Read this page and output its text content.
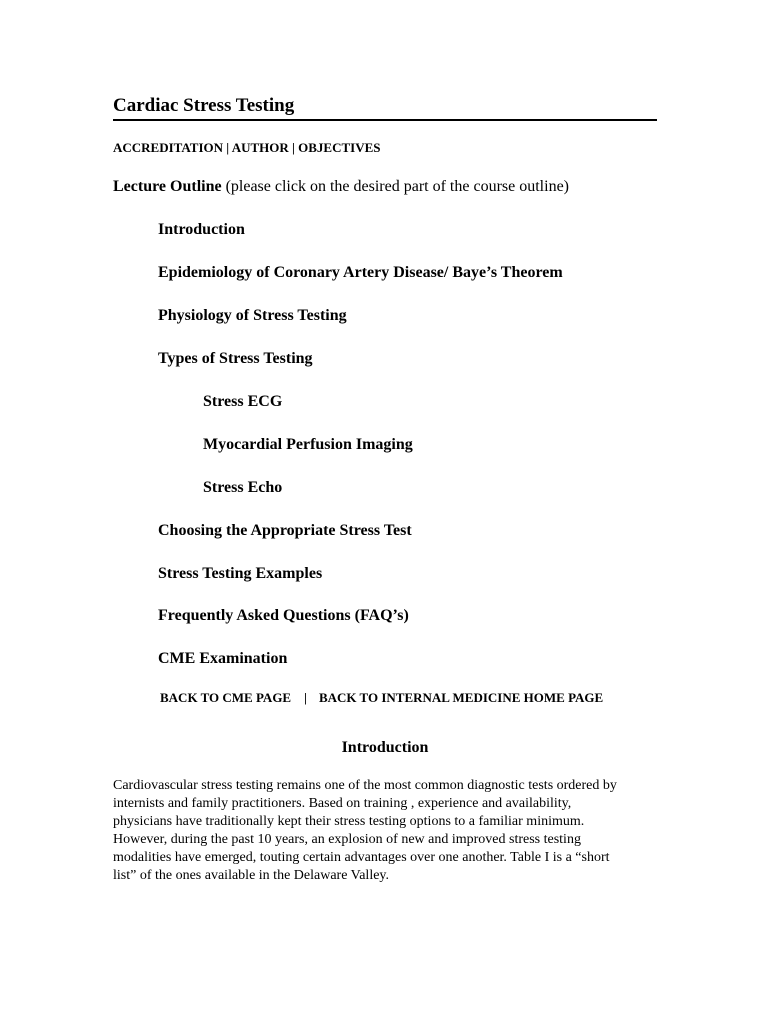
Cardiac Stress Testing
ACCREDITATION | AUTHOR | OBJECTIVES
Lecture Outline (please click on the desired part of the course outline)
Introduction
Epidemiology of Coronary Artery Disease/ Baye’s Theorem
Physiology of Stress Testing
Types of Stress Testing
Stress ECG
Myocardial Perfusion Imaging
Stress Echo
Choosing the Appropriate Stress Test
Stress Testing Examples
Frequently Asked Questions (FAQ’s)
CME Examination
BACK TO CME PAGE | BACK TO INTERNAL MEDICINE HOME PAGE
Introduction

Cardiovascular stress testing remains one of the most common diagnostic tests ordered by
internists and family practitioners. Based on training , experience and availability,
physicians have traditionally kept their stress testing options to a familiar minimum.
However, during the past 10 years, an explosion of new and improved stress testing
modalities have emerged, touting certain advantages over one another. Table I is a “short
list” of the ones available in the Delaware Valley.
